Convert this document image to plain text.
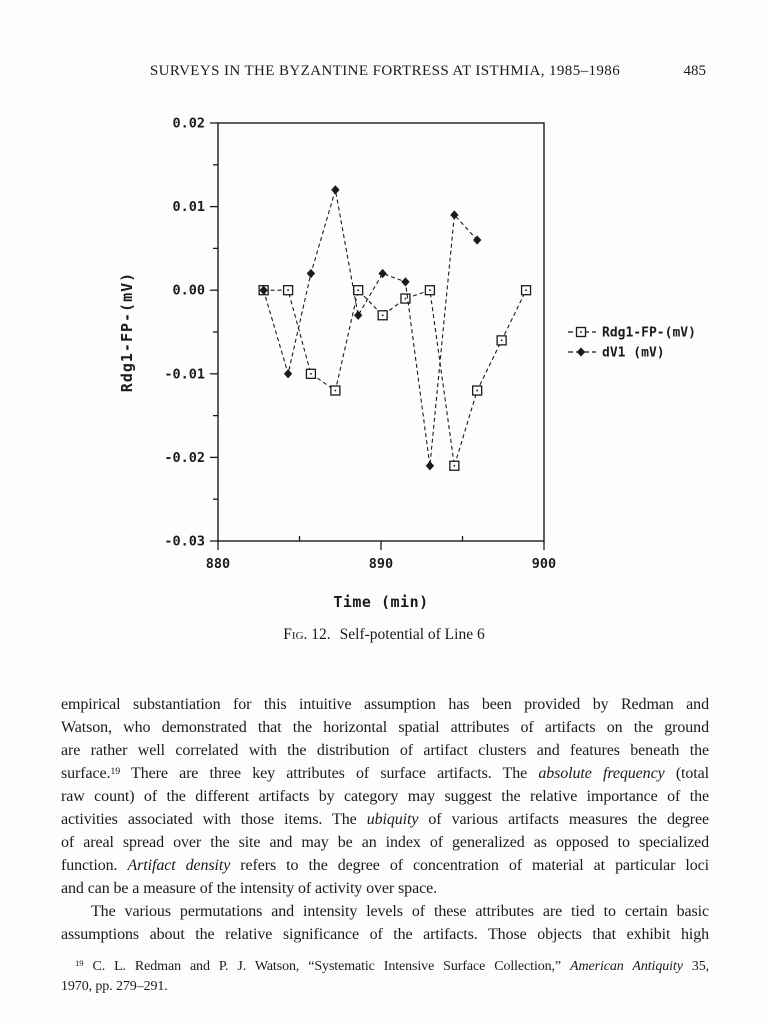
SURVEYS IN THE BYZANTINE FORTRESS AT ISTHMIA, 1985–1986	485
-0.03
-0.02
-0.01
0.00
0.01
0.02
880	890	900
Rdg1-FP-(mV)
dV1 (mV)
Time (min)
Rdg1-FP-(mV)
Fig. 12. Self-potential of Line 6
empirical substantiation for this intuitive assumption has been provided by Redman and
Watson, who demonstrated that the horizontal spatial attributes of artifacts on the ground
are rather well correlated with the distribution of artifact clusters and features beneath the
surface.$^{19}$ There are three key attributes of surface artifacts. The absolute frequency (total
raw count) of the different artifacts by category may suggest the relative importance of the
activities associated with those items. The ubiquity of various artifacts measures the degree
of areal spread over the site and may be an index of generalized as opposed to specialized
function. Artifact density refers to the degree of concentration of material at particular loci
and can be a measure of the intensity of activity over space.
The various permutations and intensity levels of these attributes are tied to certain basic
assumptions about the relative significance of the artifacts. Those objects that exhibit high
$^{19}$ C. L. Redman and P. J. Watson, “Systematic Intensive Surface Collection,” American Antiquity 35,
1970, pp. 279–291.
